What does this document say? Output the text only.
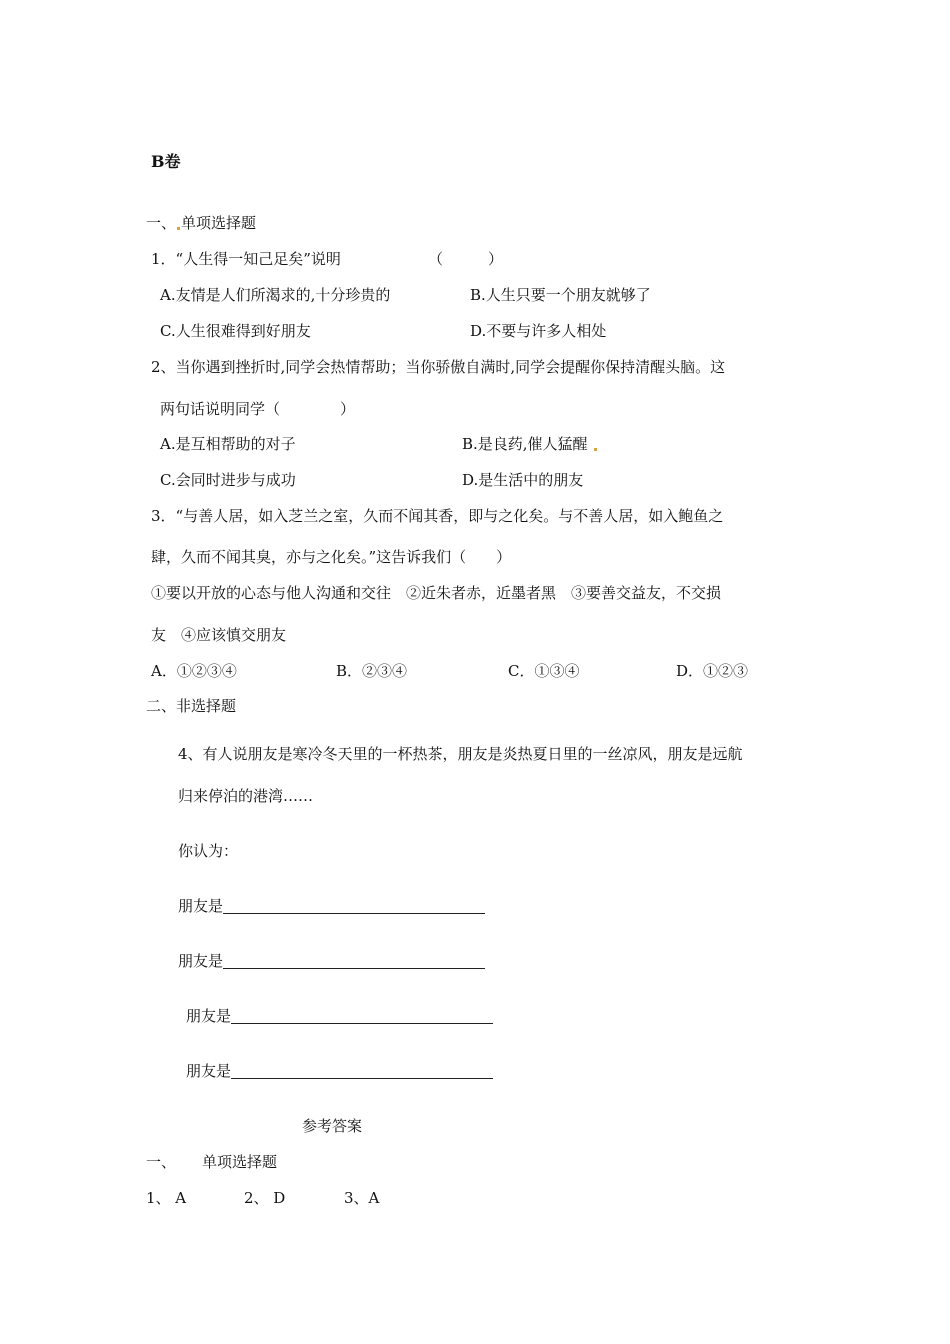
B卷
一、 单项选择题
1．“人生得一知己足矣”说明	（　　　）
A.友情是人们所渴求的,十分珍贵的	B.人生只要一个朋友就够了
C.人生很难得到好朋友	D.不要与许多人相处
2、当你遇到挫折时,同学会热情帮助；当你骄傲自满时,同学会提醒你保持清醒头脑。这
两句话说明同学（　　　　）
A.是互相帮助的对子	B.是良药,催人猛醒
C.会同时进步与成功	D.是生活中的朋友
3．“与善人居，如入芝兰之室，久而不闻其香，即与之化矣。与不善人居，如入鲍鱼之
肆，久而不闻其臭，亦与之化矣。”这告诉我们（　　）
①要以开放的心态与他人沟通和交往　②近朱者赤，近墨者黑　③要善交益友，不交损
友　④应该慎交朋友
A．①②③④	B．②③④	C．①③④	D．①②③
二、非选择题
4、有人说朋友是寒冷冬天里的一杯热茶，朋友是炎热夏日里的一丝凉风，朋友是远航
归来停泊的港湾……
你认为：
朋友是
朋友是
朋友是
朋友是
参考答案
一、 单项选择题
1、 A	2、 D	3、A
